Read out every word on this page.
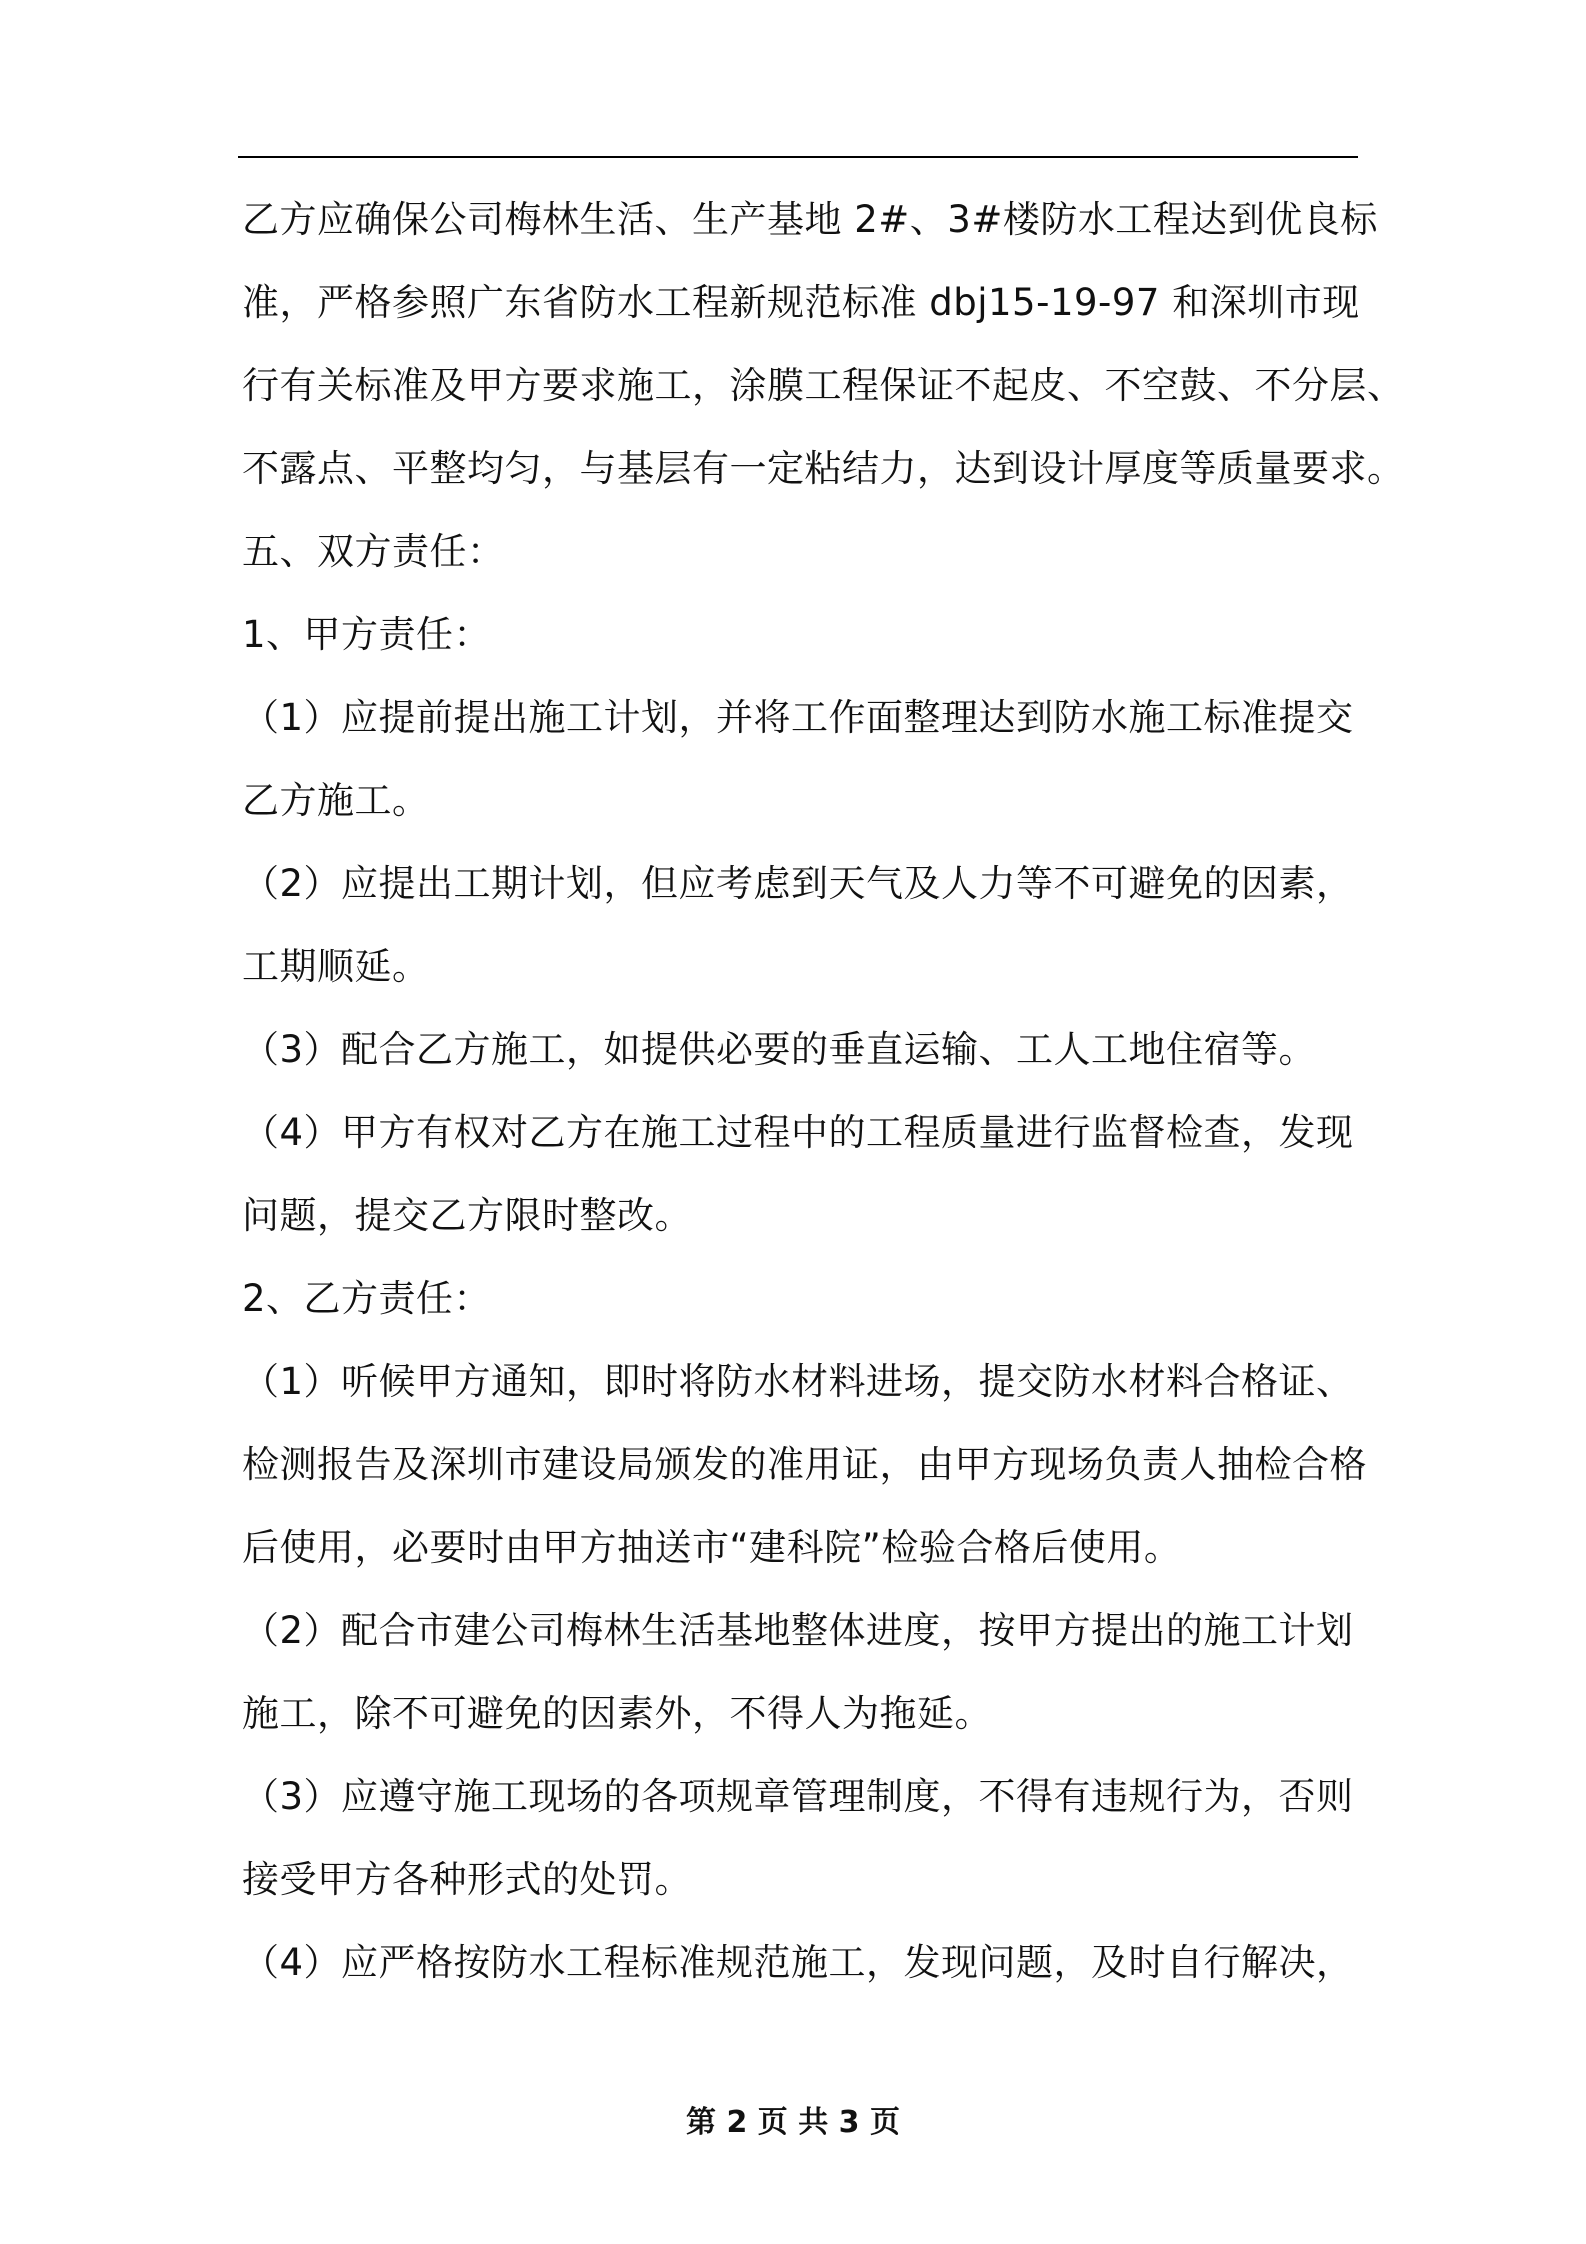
乙方应确保公司梅林生活、生产基地 2#、3#楼防水工程达到优良标
准，严格参照广东省防水工程新规范标准 dbj15-19-97 和深圳市现
行有关标准及甲方要求施工，涂膜工程保证不起皮、不空鼓、不分层、
不露点、平整均匀，与基层有一定粘结力，达到设计厚度等质量要求。
五、双方责任：
1、甲方责任：
（1）应提前提出施工计划，并将工作面整理达到防水施工标准提交
乙方施工。
（2）应提出工期计划，但应考虑到天气及人力等不可避免的因素，
工期顺延。
（3）配合乙方施工，如提供必要的垂直运输、工人工地住宿等。
（4）甲方有权对乙方在施工过程中的工程质量进行监督检查，发现
问题，提交乙方限时整改。
2、乙方责任：
（1）听候甲方通知，即时将防水材料进场，提交防水材料合格证、
检测报告及深圳市建设局颁发的准用证，由甲方现场负责人抽检合格
后使用，必要时由甲方抽送市“建科院”检验合格后使用。
（2）配合市建公司梅林生活基地整体进度，按甲方提出的施工计划
施工，除不可避免的因素外，不得人为拖延。
（3）应遵守施工现场的各项规章管理制度，不得有违规行为，否则
接受甲方各种形式的处罚。
（4）应严格按防水工程标准规范施工，发现问题，及时自行解决，
第 2 页 共 3 页
